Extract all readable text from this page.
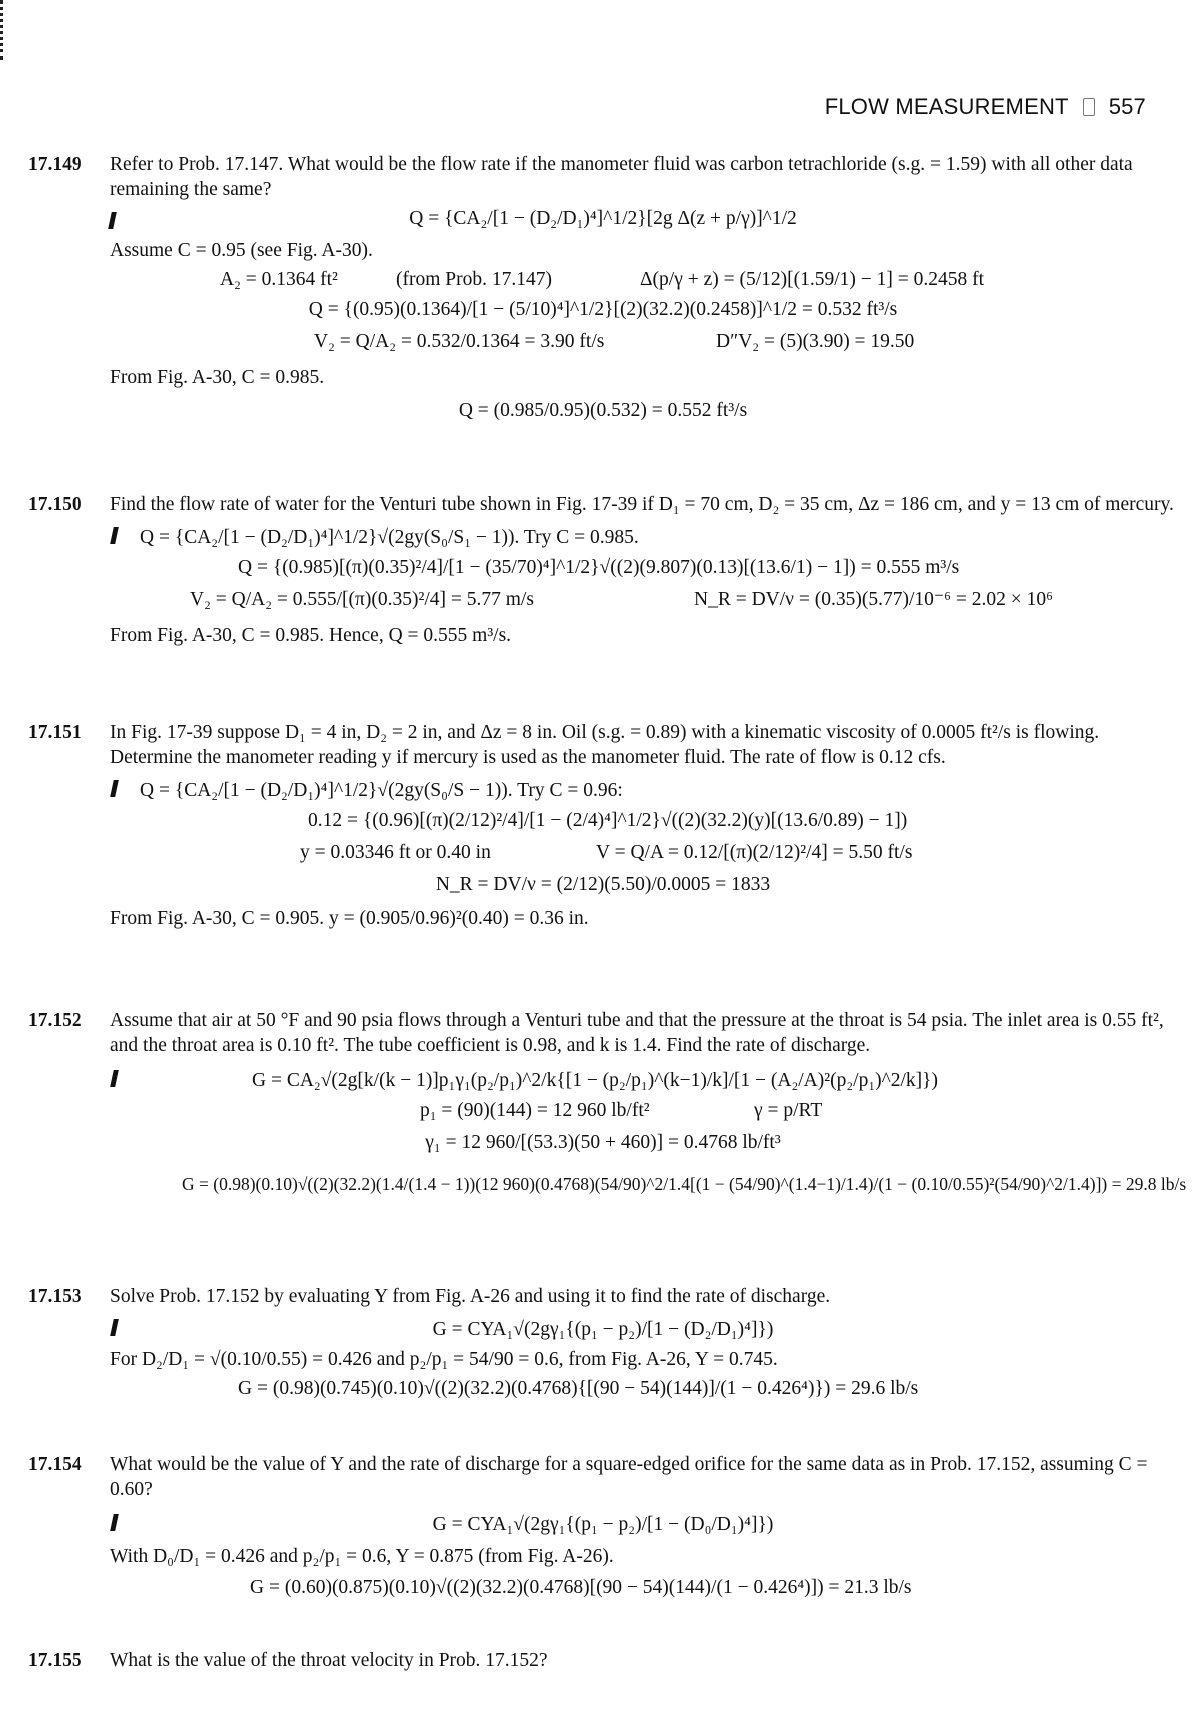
FLOW MEASUREMENT 557
17.149 Refer to Prob. 17.147. What would be the flow rate if the manometer fluid was carbon tetrachloride (s.g. = 1.59) with all other data remaining the same?
Q = {CA₂/[1 − (D₂/D₁)⁴]^1/2}[2g Δ(z + p/γ)]^1/2
Assume C = 0.95 (see Fig. A-30).
A₂ = 0.1364 ft²	(from Prob. 17.147)	Δ(p/γ + z) = (5/12)[(1.59/1) − 1] = 0.2458 ft
Q = {(0.95)(0.1364)/[1 − (5/10)⁴]^1/2}[(2)(32.2)(0.2458)]^1/2 = 0.532 ft³/s
V₂ = Q/A₂ = 0.532/0.1364 = 3.90 ft/s	D″V₂ = (5)(3.90) = 19.50
From Fig. A-30, C = 0.985.
Q = (0.985/0.95)(0.532) = 0.552 ft³/s
17.150 Find the flow rate of water for the Venturi tube shown in Fig. 17-39 if D₁ = 70 cm, D₂ = 35 cm, Δz = 186 cm, and y = 13 cm of mercury.
Q = {CA₂/[1 − (D₂/D₁)⁴]^1/2}√(2gy(S₀/S₁ − 1)). Try C = 0.985.
Q = {(0.985)[(π)(0.35)²/4]/[1 − (35/70)⁴]^1/2}√((2)(9.807)(0.13)[(13.6/1) − 1]) = 0.555 m³/s
V₂ = Q/A₂ = 0.555/[(π)(0.35)²/4] = 5.77 m/s	N_R = DV/ν = (0.35)(5.77)/10⁻⁶ = 2.02 × 10⁶
From Fig. A-30, C = 0.985. Hence, Q = 0.555 m³/s.
17.151 In Fig. 17-39 suppose D₁ = 4 in, D₂ = 2 in, and Δz = 8 in. Oil (s.g. = 0.89) with a kinematic viscosity of 0.0005 ft²/s is flowing. Determine the manometer reading y if mercury is used as the manometer fluid. The rate of flow is 0.12 cfs.
Q = {CA₂/[1 − (D₂/D₁)⁴]^1/2}√(2gy(S₀/S − 1)). Try C = 0.96:
0.12 = {(0.96)[(π)(2/12)²/4]/[1 − (2/4)⁴]^1/2}√((2)(32.2)(y)[(13.6/0.89) − 1])
y = 0.03346 ft or 0.40 in	V = Q/A = 0.12/[(π)(2/12)²/4] = 5.50 ft/s
N_R = DV/ν = (2/12)(5.50)/0.0005 = 1833
From Fig. A-30, C = 0.905. y = (0.905/0.96)²(0.40) = 0.36 in.
17.152 Assume that air at 50 °F and 90 psia flows through a Venturi tube and that the pressure at the throat is 54 psia. The inlet area is 0.55 ft², and the throat area is 0.10 ft². The tube coefficient is 0.98, and k is 1.4. Find the rate of discharge.
G = CA₂√(2g[k/(k − 1)]p₁γ₁(p₂/p₁)^2/k{[1 − (p₂/p₁)^(k−1)/k]/[1 − (A₂/A)²(p₂/p₁)^2/k]})
p₁ = (90)(144) = 12 960 lb/ft²	γ = p/RT
γ₁ = 12 960/[(53.3)(50 + 460)] = 0.4768 lb/ft³
G = (0.98)(0.10)√((2)(32.2)(1.4/(1.4 − 1))(12 960)(0.4768)(54/90)^2/1.4[(1 − (54/90)^(1.4−1)/1.4)/(1 − (0.10/0.55)²(54/90)^2/1.4)]) = 29.8 lb/s
17.153 Solve Prob. 17.152 by evaluating Y from Fig. A-26 and using it to find the rate of discharge.
G = CYA₁√(2gγ₁{(p₁ − p₂)/[1 − (D₂/D₁)⁴]})
For D₂/D₁ = √(0.10/0.55) = 0.426 and p₂/p₁ = 54/90 = 0.6, from Fig. A-26, Y = 0.745.
G = (0.98)(0.745)(0.10)√((2)(32.2)(0.4768){[(90 − 54)(144)]/(1 − 0.426⁴)}) = 29.6 lb/s
17.154 What would be the value of Y and the rate of discharge for a square-edged orifice for the same data as in Prob. 17.152, assuming C = 0.60?
G = CYA₁√(2gγ₁{(p₁ − p₂)/[1 − (D₀/D₁)⁴]})
With D₀/D₁ = 0.426 and p₂/p₁ = 0.6, Y = 0.875 (from Fig. A-26).
G = (0.60)(0.875)(0.10)√((2)(32.2)(0.4768)[(90 − 54)(144)/(1 − 0.426⁴)]) = 21.3 lb/s
17.155 What is the value of the throat velocity in Prob. 17.152?
